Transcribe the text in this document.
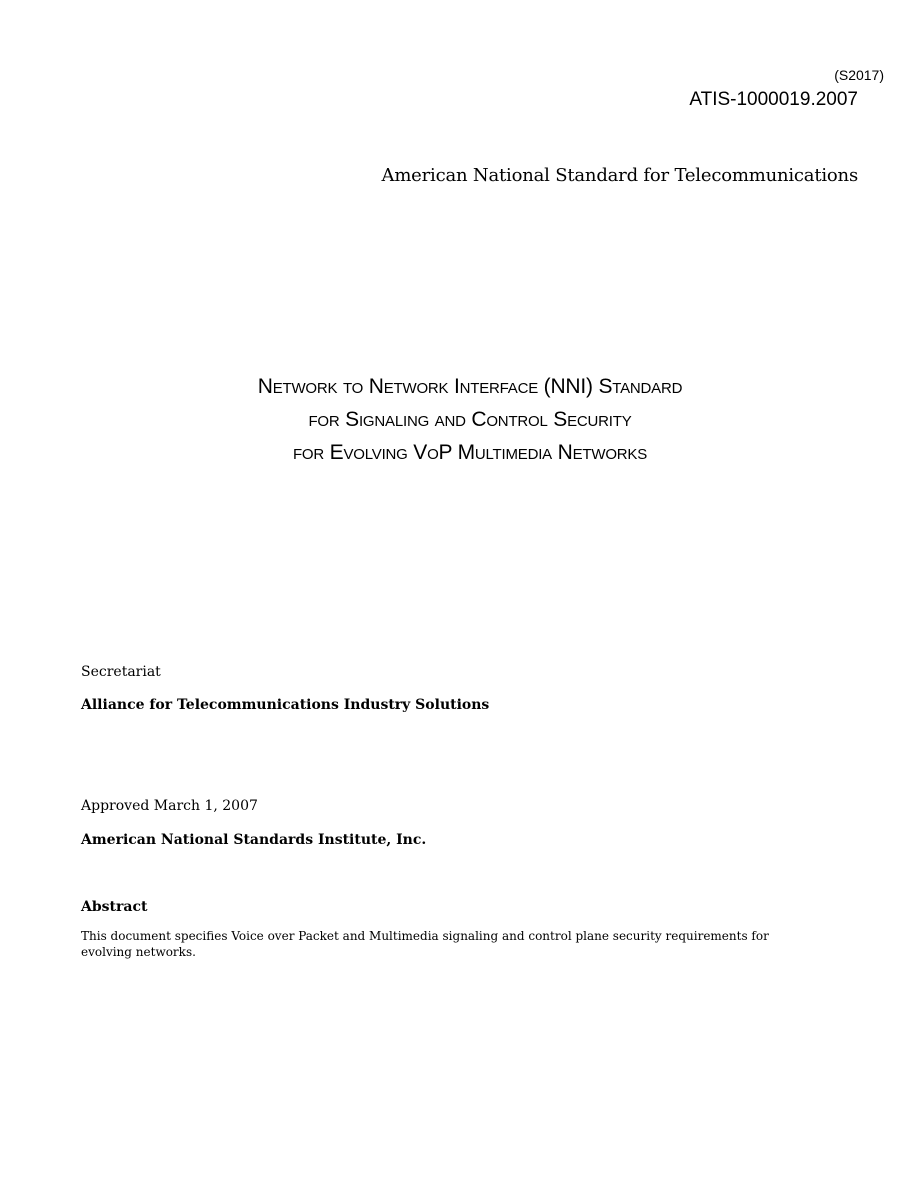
(S2017)
ATIS-1000019.2007
American National Standard for Telecommunications
Network to Network Interface (NNI) Standard
for Signaling and Control Security
for Evolving VoP Multimedia Networks
Secretariat
Alliance for Telecommunications Industry Solutions
Approved March 1, 2007
American National Standards Institute, Inc.
Abstract
This document specifies Voice over Packet and Multimedia signaling and control plane security requirements for evolving networks.
